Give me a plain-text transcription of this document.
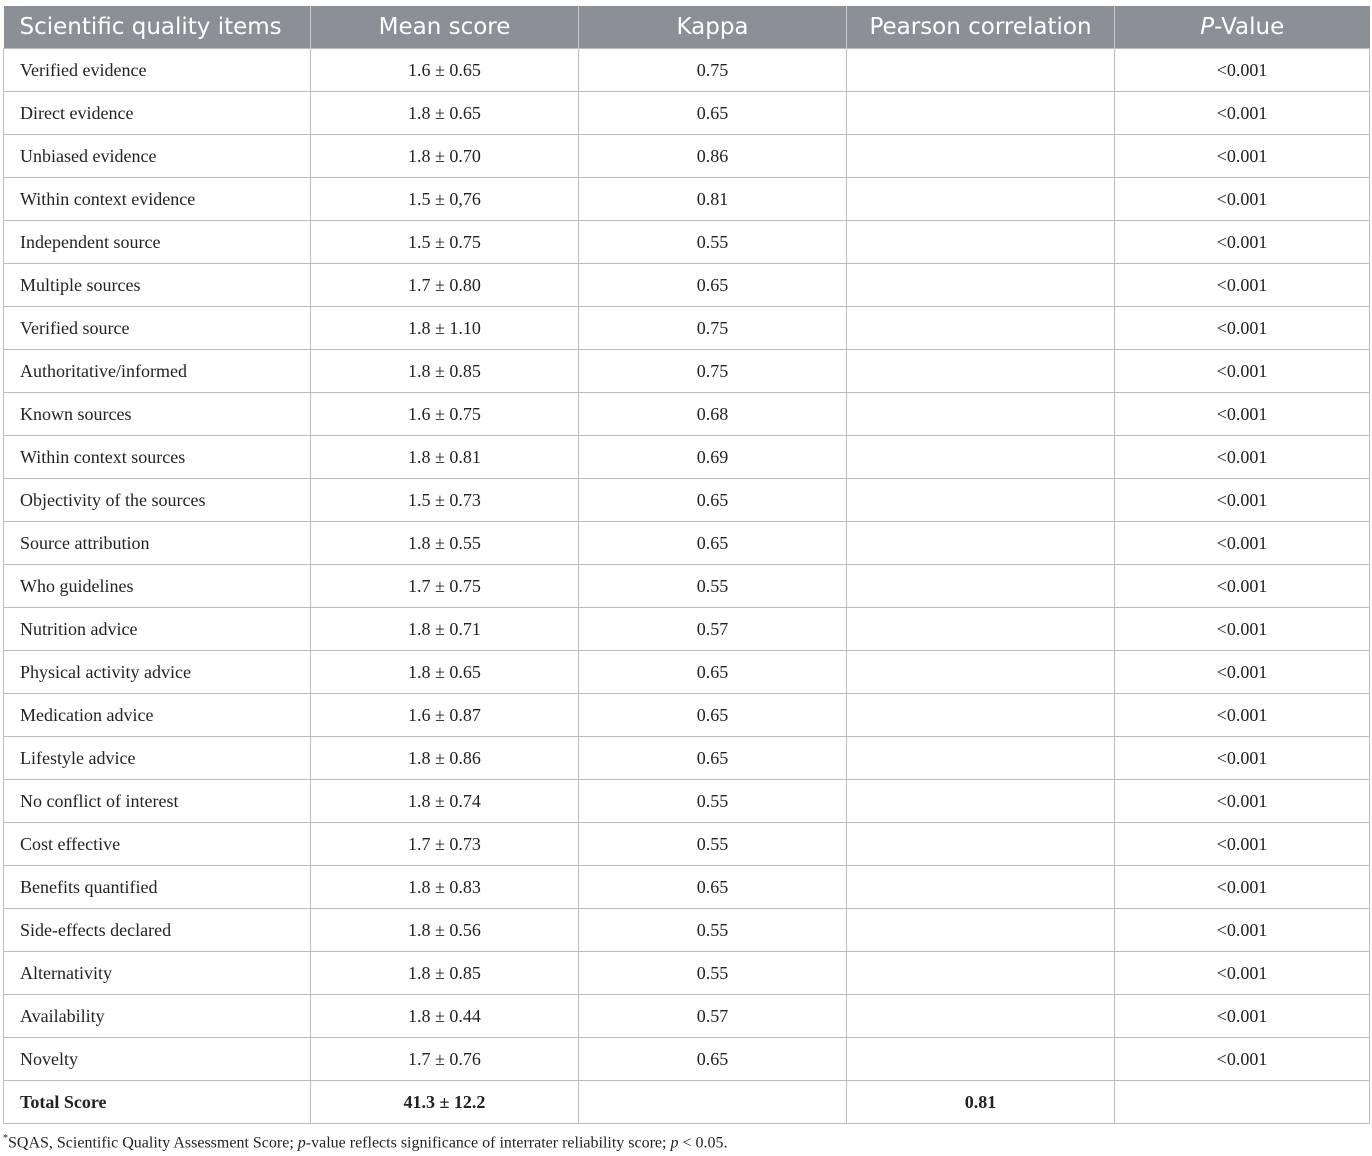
Scientific quality items	Mean score	Kappa	Pearson correlation	P-Value
Verified evidence	1.6 ± 0.65	0.75		<0.001
Direct evidence	1.8 ± 0.65	0.65		<0.001
Unbiased evidence	1.8 ± 0.70	0.86		<0.001
Within context evidence	1.5 ± 0,76	0.81		<0.001
Independent source	1.5 ± 0.75	0.55		<0.001
Multiple sources	1.7 ± 0.80	0.65		<0.001
Verified source	1.8 ± 1.10	0.75		<0.001
Authoritative/informed	1.8 ± 0.85	0.75		<0.001
Known sources	1.6 ± 0.75	0.68		<0.001
Within context sources	1.8 ± 0.81	0.69		<0.001
Objectivity of the sources	1.5 ± 0.73	0.65		<0.001
Source attribution	1.8 ± 0.55	0.65		<0.001
Who guidelines	1.7 ± 0.75	0.55		<0.001
Nutrition advice	1.8 ± 0.71	0.57		<0.001
Physical activity advice	1.8 ± 0.65	0.65		<0.001
Medication advice	1.6 ± 0.87	0.65		<0.001
Lifestyle advice	1.8 ± 0.86	0.65		<0.001
No conflict of interest	1.8 ± 0.74	0.55		<0.001
Cost effective	1.7 ± 0.73	0.55		<0.001
Benefits quantified	1.8 ± 0.83	0.65		<0.001
Side-effects declared	1.8 ± 0.56	0.55		<0.001
Alternativity	1.8 ± 0.85	0.55		<0.001
Availability	1.8 ± 0.44	0.57		<0.001
Novelty	1.7 ± 0.76	0.65		<0.001
Total Score	41.3 ± 12.2		0.81	
*SQAS, Scientific Quality Assessment Score; p-value reflects significance of interrater reliability score; p < 0.05.
